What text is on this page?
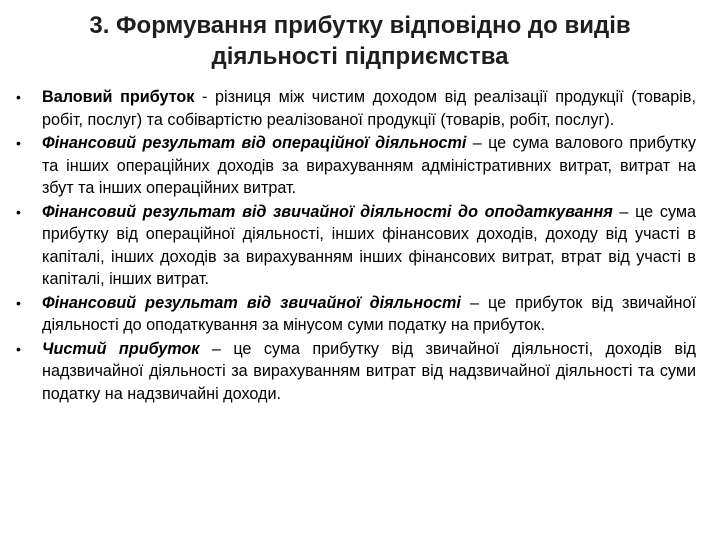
3. Формування прибутку відповідно до видів
діяльності підприємства
• Валовий прибуток - різниця між чистим доходом від реалізації продукції (товарів, робіт, послуг) та собівартістю реалізованої продукції (товарів, робіт, послуг).
• Фінансовий результат від операційної діяльності – це сума валового прибутку та інших операційних доходів за вирахуванням адміністративних витрат, витрат на збут та інших операційних витрат.
• Фінансовий результат від звичайної діяльності до оподаткування – це сума прибутку від операційної діяльності, інших фінансових доходів, доходу від участі в капіталі, інших доходів за вирахуванням інших фінансових витрат, втрат від участі в капіталі, інших витрат.
• Фінансовий результат від звичайної діяльності – це прибуток від звичайної діяльності до оподаткування за мінусом суми податку на прибуток.
• Чистий прибуток – це сума прибутку від звичайної діяльності, доходів від надзвичайної діяльності за вирахуванням витрат від надзвичайної діяльності та суми податку на надзвичайні доходи.
